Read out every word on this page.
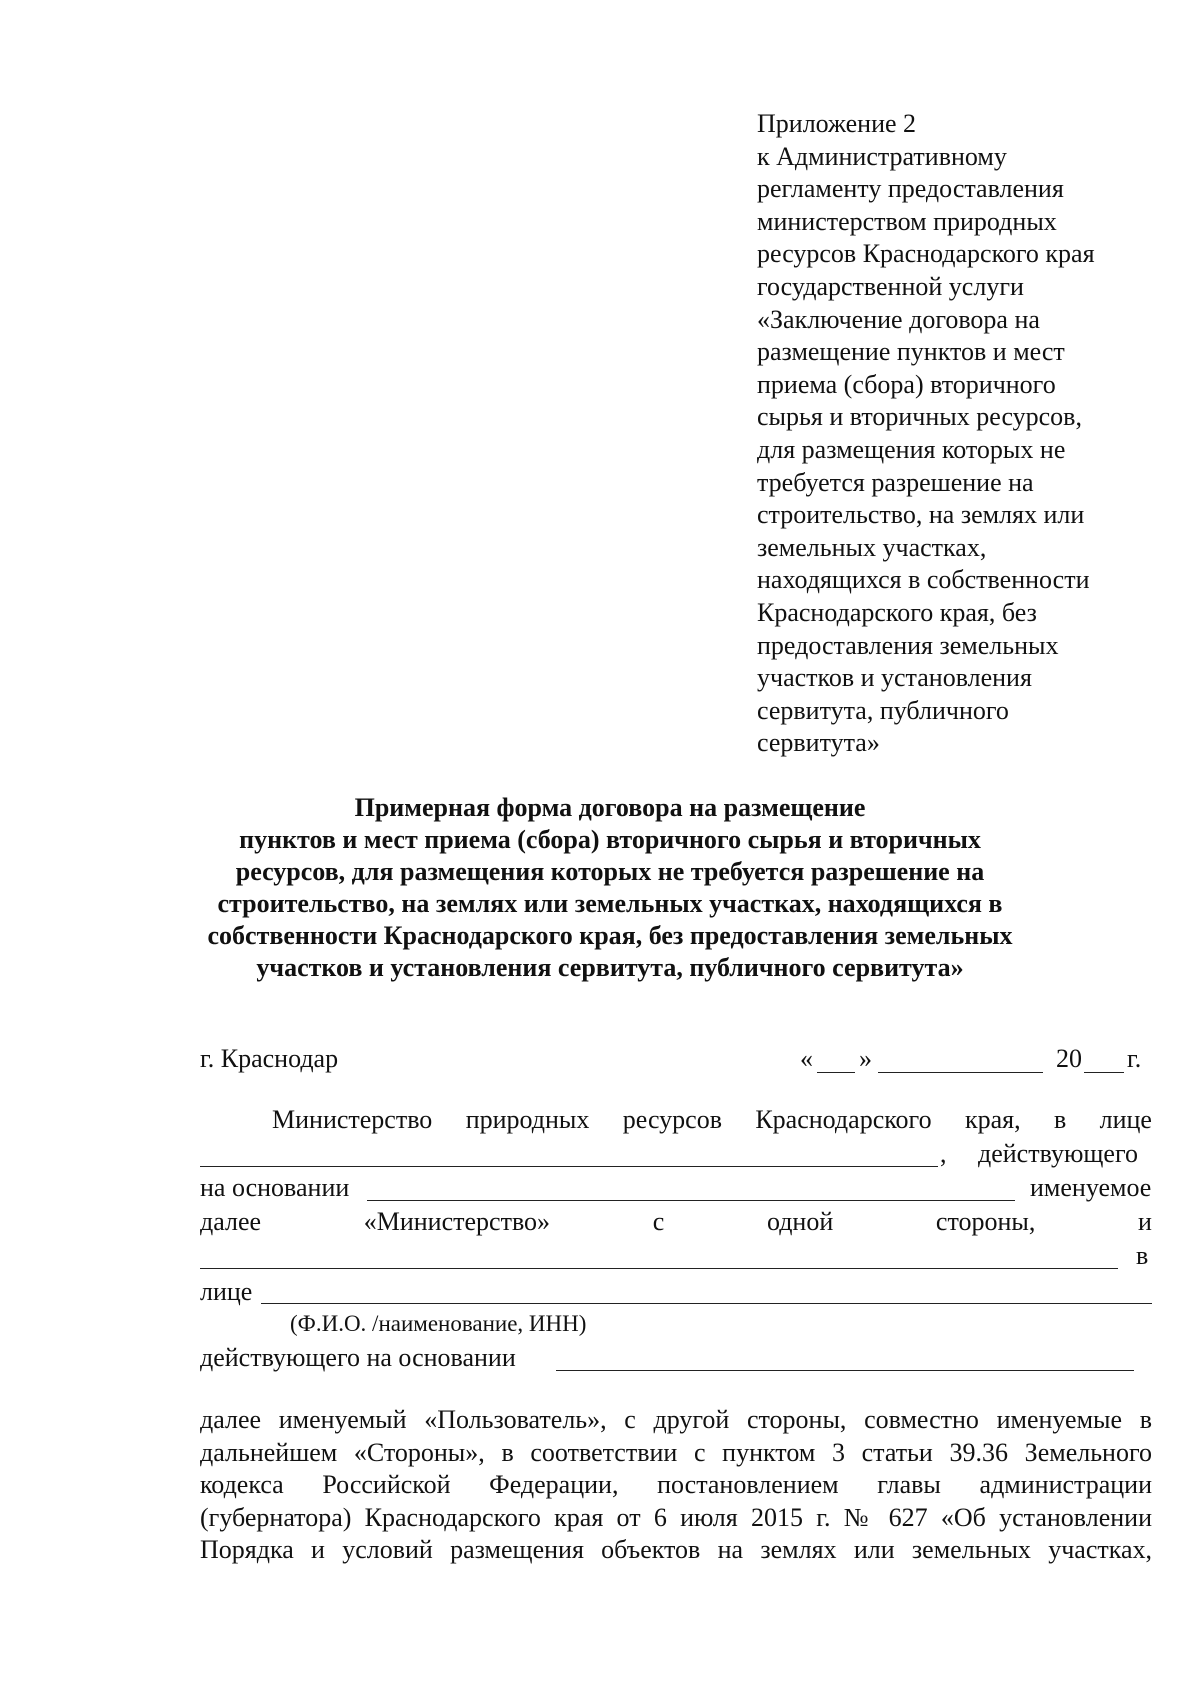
Приложение 2
к Административному
регламенту предоставления
министерством природных
ресурсов Краснодарского края
государственной услуги
«Заключение договора на
размещение пунктов и мест
приема (сбора) вторичного
сырья и вторичных ресурсов,
для размещения которых не
требуется разрешение на
строительство, на землях или
земельных участках,
находящихся в собственности
Краснодарского края, без
предоставления земельных
участков и установления
сервитута, публичного
сервитута»
Примерная форма договора на размещение
пунктов и мест приема (сбора) вторичного сырья и вторичных
ресурсов, для размещения которых не требуется разрешение на
строительство, на землях или земельных участках, находящихся в
собственности Краснодарского края, без предоставления земельных
участков и установления сервитута, публичного сервитута»
г. Краснодар	« »	20 г.
Министерство природных ресурсов Краснодарского края, в лице
, действующего
на основании	именуемое
далее	«Министерство»	с	одной	стороны,	и
в
лице
(Ф.И.О. /наименование, ИНН)
действующего на основании
далее именуемый «Пользователь», с другой стороны, совместно именуемые в
дальнейшем «Стороны», в соответствии с пунктом 3 статьи 39.36 Земельного
кодекса Российской Федерации, постановлением главы администрации
(губернатора) Краснодарского края от 6 июля 2015 г. № 627 «Об установлении
Порядка и условий размещения объектов на землях или земельных участках,
